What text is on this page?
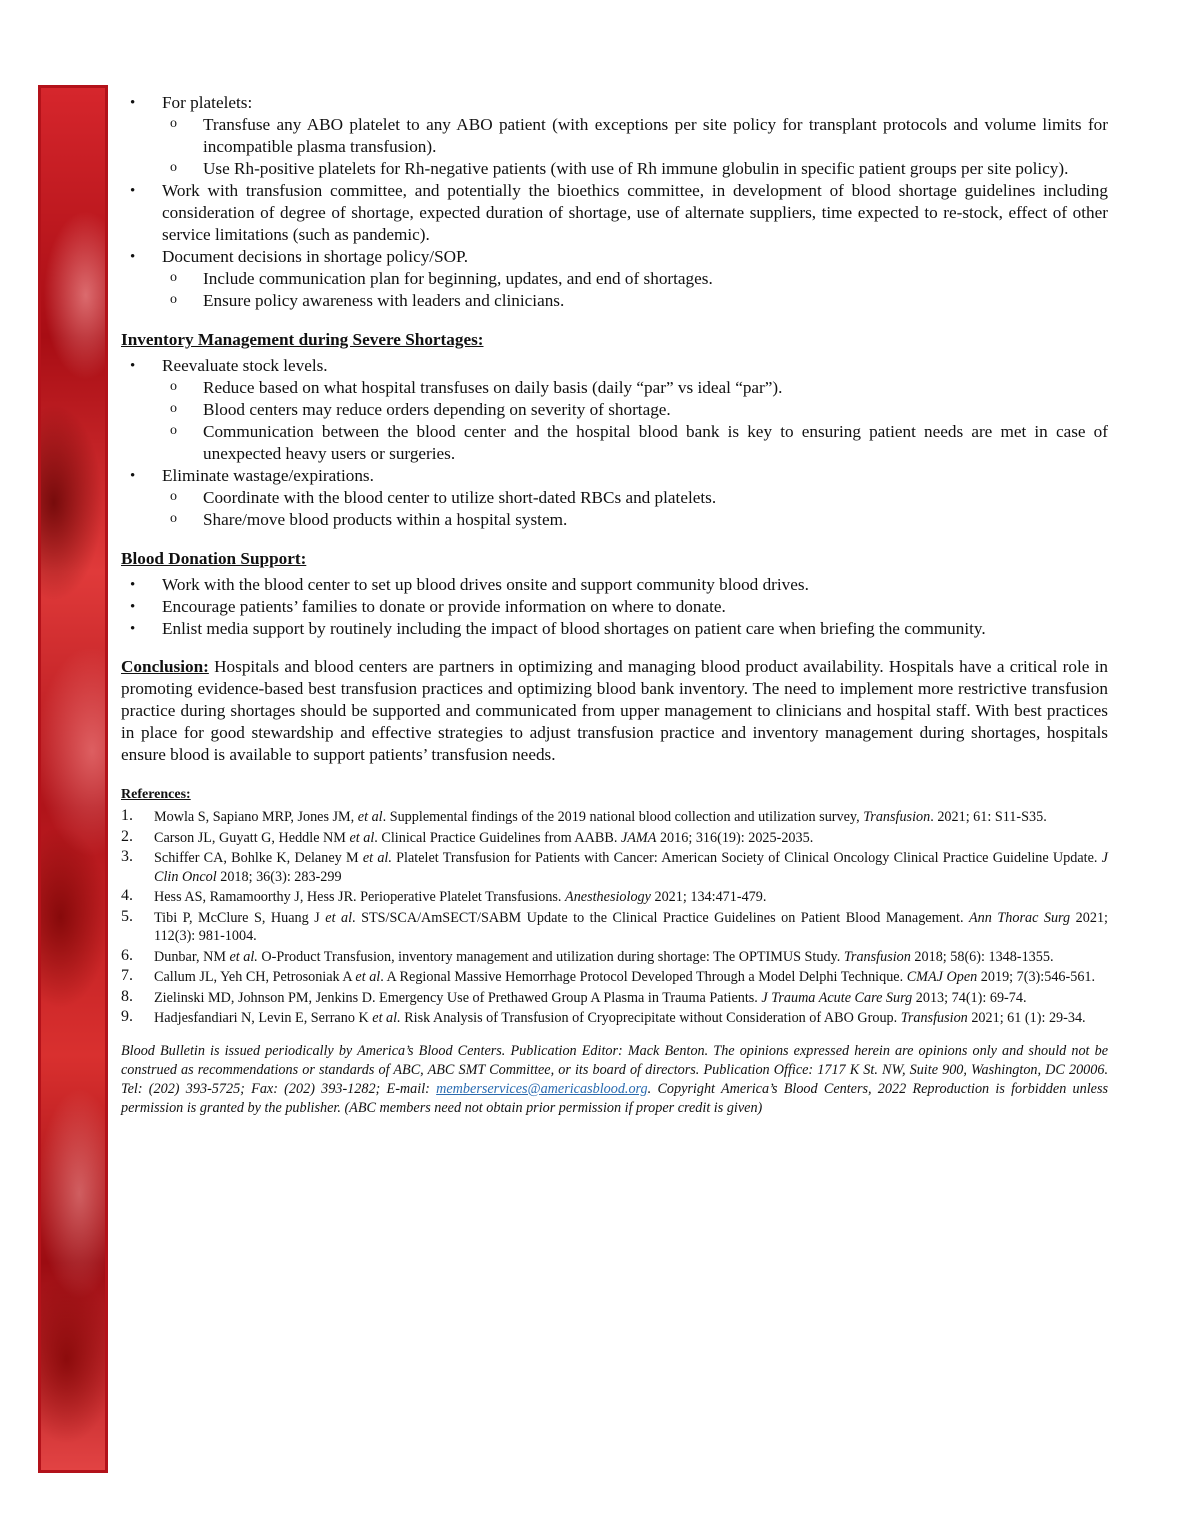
• For platelets:
o Transfuse any ABO platelet to any ABO patient (with exceptions per site policy for transplant protocols and volume limits for incompatible plasma transfusion).
o Use Rh-positive platelets for Rh-negative patients (with use of Rh immune globulin in specific patient groups per site policy).
• Work with transfusion committee, and potentially the bioethics committee, in development of blood shortage guidelines including consideration of degree of shortage, expected duration of shortage, use of alternate suppliers, time expected to re-stock, effect of other service limitations (such as pandemic).
• Document decisions in shortage policy/SOP.
o Include communication plan for beginning, updates, and end of shortages.
o Ensure policy awareness with leaders and clinicians.
Inventory Management during Severe Shortages:
• Reevaluate stock levels.
o Reduce based on what hospital transfuses on daily basis (daily “par” vs ideal “par”).
o Blood centers may reduce orders depending on severity of shortage.
o Communication between the blood center and the hospital blood bank is key to ensuring patient needs are met in case of unexpected heavy users or surgeries.
• Eliminate wastage/expirations.
o Coordinate with the blood center to utilize short-dated RBCs and platelets.
o Share/move blood products within a hospital system.
Blood Donation Support:
• Work with the blood center to set up blood drives onsite and support community blood drives.
• Encourage patients’ families to donate or provide information on where to donate.
• Enlist media support by routinely including the impact of blood shortages on patient care when briefing the community.
Conclusion: Hospitals and blood centers are partners in optimizing and managing blood product availability. Hospitals have a critical role in promoting evidence-based best transfusion practices and optimizing blood bank inventory. The need to implement more restrictive transfusion practice during shortages should be supported and communicated from upper management to clinicians and hospital staff. With best practices in place for good stewardship and effective strategies to adjust transfusion practice and inventory management during shortages, hospitals ensure blood is available to support patients’ transfusion needs.
References:
1. Mowla S, Sapiano MRP, Jones JM, et al. Supplemental findings of the 2019 national blood collection and utilization survey, Transfusion. 2021; 61: S11-S35.
2. Carson JL, Guyatt G, Heddle NM et al. Clinical Practice Guidelines from AABB. JAMA 2016; 316(19): 2025-2035.
3. Schiffer CA, Bohlke K, Delaney M et al. Platelet Transfusion for Patients with Cancer: American Society of Clinical Oncology Clinical Practice Guideline Update. J Clin Oncol 2018; 36(3): 283-299
4. Hess AS, Ramamoorthy J, Hess JR. Perioperative Platelet Transfusions. Anesthesiology 2021; 134:471-479.
5. Tibi P, McClure S, Huang J et al. STS/SCA/AmSECT/SABM Update to the Clinical Practice Guidelines on Patient Blood Management. Ann Thorac Surg 2021; 112(3): 981-1004.
6. Dunbar, NM et al. O-Product Transfusion, inventory management and utilization during shortage: The OPTIMUS Study. Transfusion 2018; 58(6): 1348-1355.
7. Callum JL, Yeh CH, Petrosoniak A et al. A Regional Massive Hemorrhage Protocol Developed Through a Model Delphi Technique. CMAJ Open 2019; 7(3):546-561.
8. Zielinski MD, Johnson PM, Jenkins D. Emergency Use of Prethawed Group A Plasma in Trauma Patients. J Trauma Acute Care Surg 2013; 74(1): 69-74.
9. Hadjesfandiari N, Levin E, Serrano K et al. Risk Analysis of Transfusion of Cryoprecipitate without Consideration of ABO Group. Transfusion 2021; 61 (1): 29-34.
Blood Bulletin is issued periodically by America’s Blood Centers. Publication Editor: Mack Benton. The opinions expressed herein are opinions only and should not be construed as recommendations or standards of ABC, ABC SMT Committee, or its board of directors. Publication Office: 1717 K St. NW, Suite 900, Washington, DC 20006. Tel: (202) 393-5725; Fax: (202) 393-1282; E-mail: memberservices@americasblood.org. Copyright America’s Blood Centers, 2022 Reproduction is forbidden unless permission is granted by the publisher. (ABC members need not obtain prior permission if proper credit is given)
